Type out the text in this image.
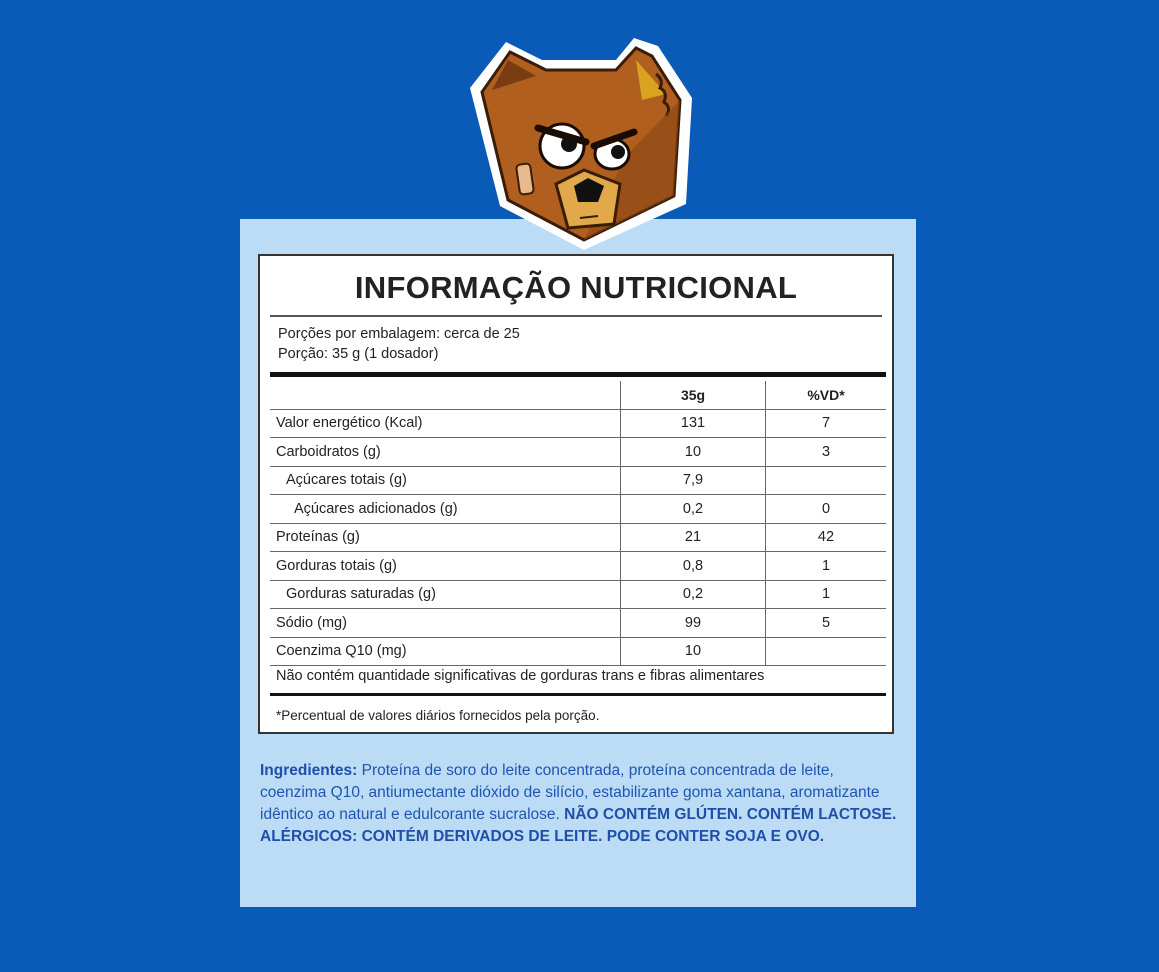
INFORMAÇÃO NUTRICIONAL
Porções por embalagem: cerca de 25
Porção: 35 g (1 dosador)
	35g	%VD*
Valor energético (Kcal)	131	7
Carboidratos (g)	10	3
Açúcares totais (g)	7,9	
Açúcares adicionados (g)	0,2	0
Proteínas (g)	21	42
Gorduras totais (g)	0,8	1
Gorduras saturadas (g)	0,2	1
Sódio (mg)	99	5
Coenzima Q10 (mg)	10	
Não contém quantidade significativas de gorduras trans e fibras alimentares
*Percentual de valores diários fornecidos pela porção.
Ingredientes: Proteína de soro do leite concentrada, proteína concentrada de leite, coenzima Q10, antiumectante dióxido de silício, estabilizante goma xantana, aromatizante idêntico ao natural e edulcorante sucralose. NÃO CONTÉM GLÚTEN. CONTÉM LACTOSE. ALÉRGICOS: CONTÉM DERIVADOS DE LEITE. PODE CONTER SOJA E OVO.
